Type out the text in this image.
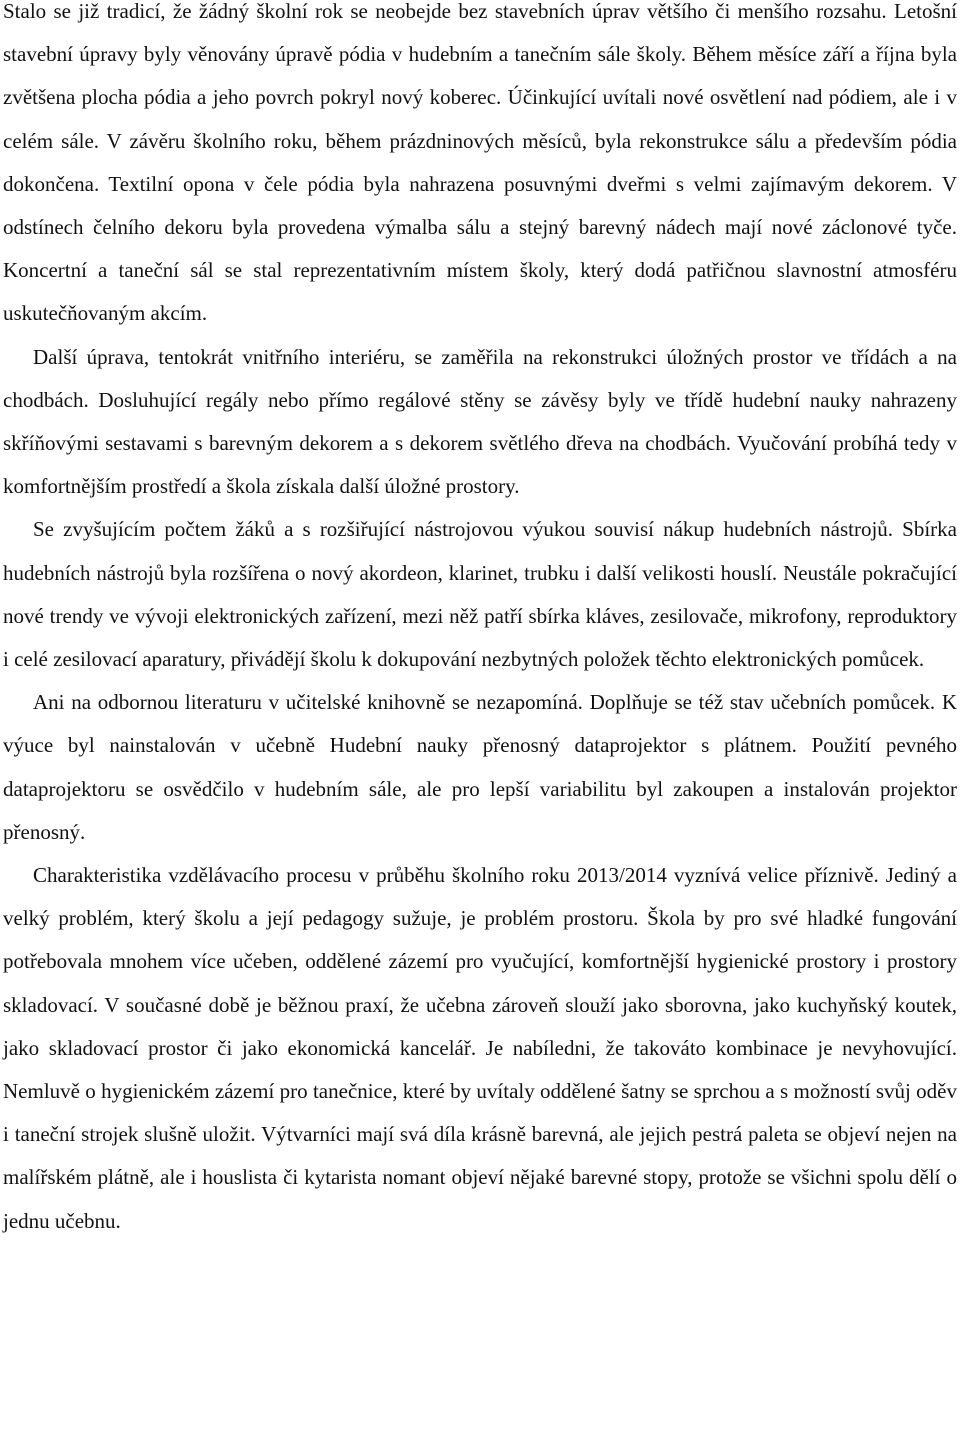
Stalo se již tradicí, že žádný školní rok se neobejde bez stavebních úprav většího či menšího rozsahu. Letošní stavební úpravy byly věnovány úpravě pódia v hudebním a tanečním sále školy. Během měsíce září a října byla zvětšena plocha pódia a jeho povrch pokryl nový koberec. Účinkující uvítali nové osvětlení nad pódiem, ale i v celém sále. V závěru školního roku, během prázdninových měsíců, byla rekonstrukce sálu a především pódia dokončena. Textilní opona v čele pódia byla nahrazena posuvnými dveřmi s velmi zajímavým dekorem. V odstínech čelního dekoru byla provedena výmalba sálu a stejný barevný nádech mají nové záclonové tyče. Koncertní a taneční sál se stal reprezentativním místem školy, který dodá patřičnou slavnostní atmosféru uskutečňovaným akcím.

Další úprava, tentokrát vnitřního interiéru, se zaměřila na rekonstrukci úložných prostor ve třídách a na chodbách. Dosluhující regály nebo přímo regálové stěny se závěsy byly ve třídě hudební nauky nahrazeny skříňovými sestavami s barevným dekorem a s dekorem světlého dřeva na chodbách. Vyučování probíhá tedy v komfortnějším prostředí a škola získala další úložné prostory.

Se zvyšujícím počtem žáků a s rozšiřující nástrojovou výukou souvisí nákup hudebních nástrojů. Sbírka hudebních nástrojů byla rozšířena o nový akordeon, klarinet, trubku i další velikosti houslí. Neustále pokračující nové trendy ve vývoji elektronických zařízení, mezi něž patří sbírka kláves, zesilovače, mikrofony, reproduktory i celé zesilovací aparatury, přivádějí školu k dokupování nezbytných položek těchto elektronických pomůcek.

Ani na odbornou literaturu v učitelské knihovně se nezapomíná. Doplňuje se též stav učebních pomůcek. K výuce byl nainstalován v učebně Hudební nauky přenosný dataprojektor s plátnem. Použití pevného dataprojektoru se osvědčilo v hudebním sále, ale pro lepší variabilitu byl zakoupen a instalován projektor přenosný.

Charakteristika vzdělávacího procesu v průběhu školního roku 2013/2014 vyznívá velice příznivě. Jediný a velký problém, který školu a její pedagogy sužuje, je problém prostoru. Škola by pro své hladké fungování potřebovala mnohem více učeben, oddělené zázemí pro vyučující, komfortnější hygienické prostory i prostory skladovací. V současné době je běžnou praxí, že učebna zároveň slouží jako sborovna, jako kuchyňský koutek, jako skladovací prostor či jako ekonomická kancelář. Je nabíledni, že takováto kombinace je nevyhovující. Nemluvě o hygienickém zázemí pro tanečnice, které by uvítaly oddělené šatny se sprchou a s možností svůj oděv i taneční strojek slušně uložit. Výtvarníci mají svá díla krásně barevná, ale jejich pestrá paleta se objeví nejen na malířském plátně, ale i houslista či kytarista nomant objeví nějaké barevné stopy, protože se všichni spolu dělí o jednu učebnu.
